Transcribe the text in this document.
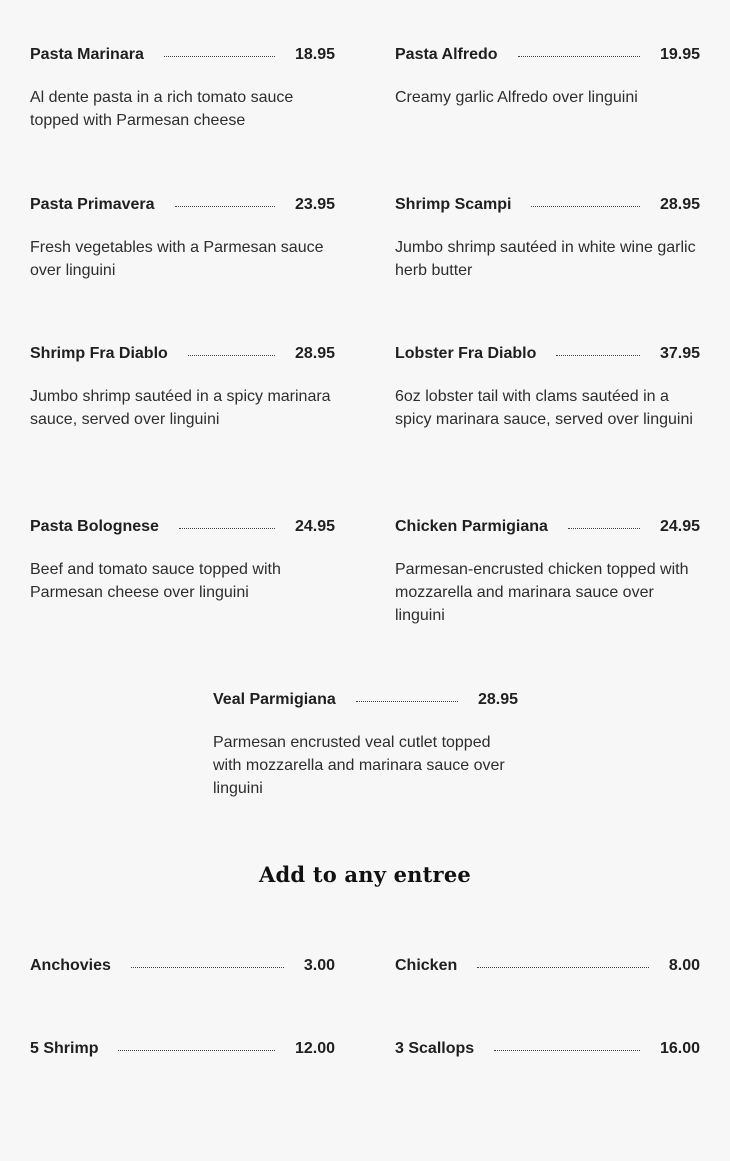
Pasta Marinara	18.95
Al dente pasta in a rich tomato sauce topped with Parmesan cheese
Pasta Alfredo	19.95
Creamy garlic Alfredo over linguini
Pasta Primavera	23.95
Fresh vegetables with a Parmesan sauce over linguini
Shrimp Scampi	28.95
Jumbo shrimp sautéed in white wine garlic herb butter
Shrimp Fra Diablo	28.95
Jumbo shrimp sautéed in a spicy marinara sauce, served over linguini
Lobster Fra Diablo	37.95
6oz lobster tail with clams sautéed in a spicy marinara sauce, served over linguini
Pasta Bolognese	24.95
Beef and tomato sauce topped with Parmesan cheese over linguini
Chicken Parmigiana	24.95
Parmesan-encrusted chicken topped with mozzarella and marinara sauce over linguini
Veal Parmigiana	28.95
Parmesan encrusted veal cutlet topped with mozzarella and marinara sauce over linguini
Add to any entree
Anchovies	3.00	Chicken	8.00
5 Shrimp	12.00	3 Scallops	16.00
